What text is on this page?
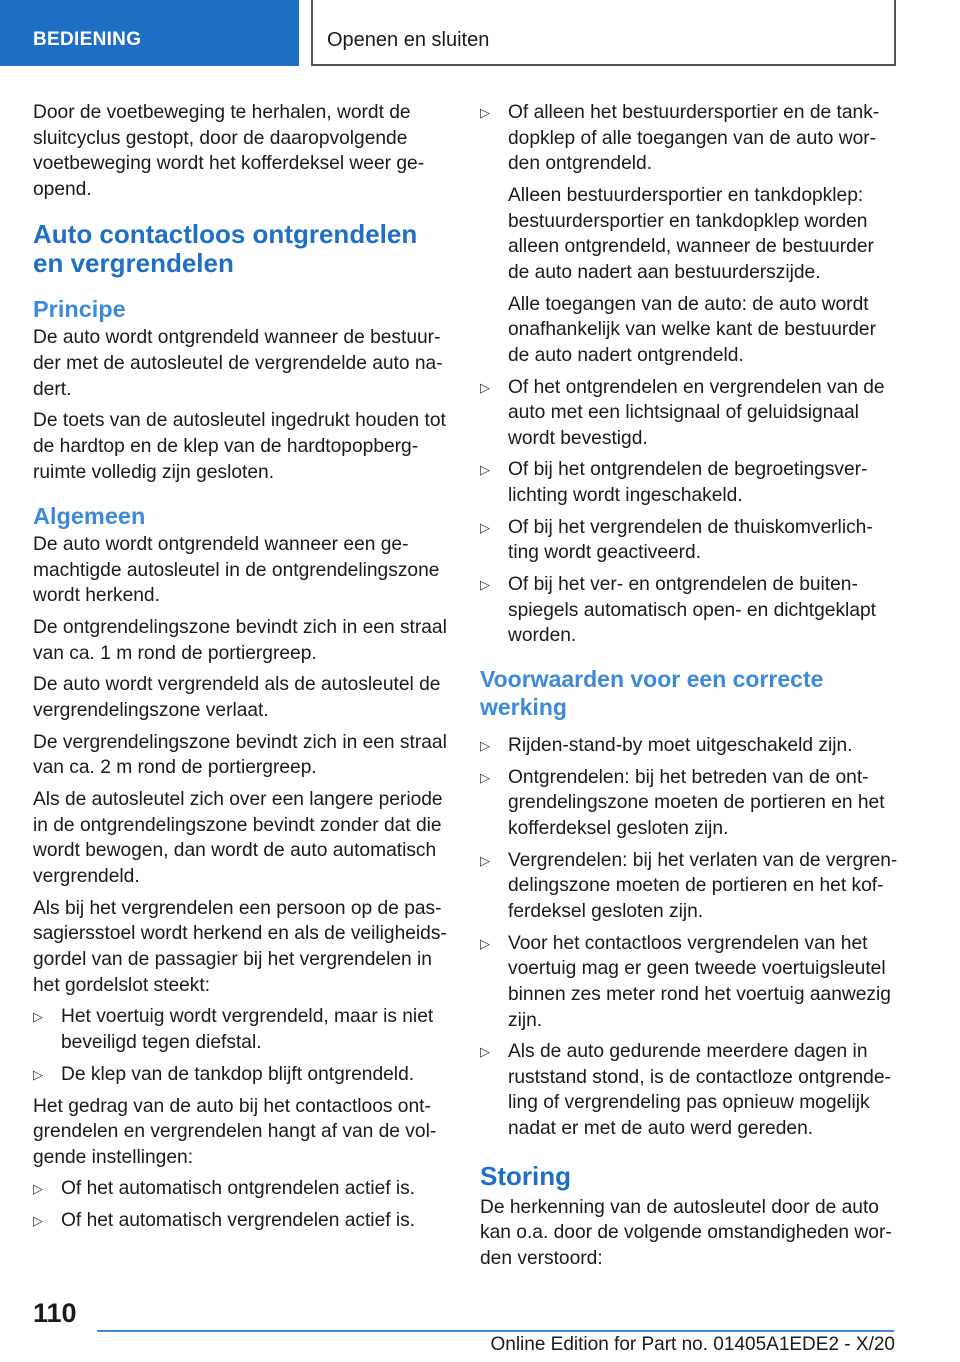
BEDIENING	Openen en sluiten

Door de voetbeweging te herhalen, wordt de sluitcyclus gestopt, door de daaropvolgende voetbeweging wordt het kofferdeksel weer ge-opend.

Auto contactloos ontgrendelen en vergrendelen
Principe

De auto wordt ontgrendeld wanneer de bestuur-der met de autosleutel de vergrendelde auto na-dert.

De toets van de autosleutel ingedrukt houden tot de hardtop en de klep van de hardtopopberg-ruimte volledig zijn gesloten.

Algemeen

De auto wordt ontgrendeld wanneer een ge-machtigde autosleutel in de ontgrendelingszone wordt herkend.

De ontgrendelingszone bevindt zich in een straal van ca. 1 m rond de portiergreep.

De auto wordt vergrendeld als de autosleutel de vergrendelingszone verlaat.

De vergrendelingszone bevindt zich in een straal van ca. 2 m rond de portiergreep.

Als de autosleutel zich over een langere periode in de ontgrendelingszone bevindt zonder dat die wordt bewogen, dan wordt de auto automatisch vergrendeld.

Als bij het vergrendelen een persoon op de pas-sagiersstoel wordt herkend en als de veiligheids-gordel van de passagier bij het vergrendelen in het gordelslot steekt:

▷ Het voertuig wordt vergrendeld, maar is niet beveiligd tegen diefstal.
▷ De klep van de tankdop blijft ontgrendeld.

Het gedrag van de auto bij het contactloos ont-grendelen en vergrendelen hangt af van de vol-gende instellingen:

▷ Of het automatisch ontgrendelen actief is.
▷ Of het automatisch vergrendelen actief is.
▷ Of alleen het bestuurdersportier en de tank-dopklep of alle toegangen van de auto wor-den ontgrendeld.

Alleen bestuurdersportier en tankdopklep: bestuurdersportier en tankdopklep worden alleen ontgrendeld, wanneer de bestuurder de auto nadert aan bestuurderszijde.

Alle toegangen van de auto: de auto wordt onafhankelijk van welke kant de bestuurder de auto nadert ontgrendeld.

▷ Of het ontgrendelen en vergrendelen van de auto met een lichtsignaal of geluidsignaal wordt bevestigd.
▷ Of bij het ontgrendelen de begroetingsver-lichting wordt ingeschakeld.
▷ Of bij het vergrendelen de thuiskomverlich-ting wordt geactiveerd.
▷ Of bij het ver- en ontgrendelen de buiten-spiegels automatisch open- en dichtgeklapt worden.
Voorwaarden voor een correcte werking
▷ Rijden-stand-by moet uitgeschakeld zijn.
▷ Ontgrendelen: bij het betreden van de ont-grendelingszone moeten de portieren en het kofferdeksel gesloten zijn.
▷ Vergrendelen: bij het verlaten van de vergren-delingszone moeten de portieren en het kof-ferdeksel gesloten zijn.
▷ Voor het contactloos vergrendelen van het voertuig mag er geen tweede voertuigsleutel binnen zes meter rond het voertuig aanwezig zijn.
▷ Als de auto gedurende meerdere dagen in ruststand stond, is de contactloze ontgrende-ling of vergrendeling pas opnieuw mogelijk nadat er met de auto werd gereden.
Storing

De herkenning van de autosleutel door de auto kan o.a. door de volgende omstandigheden wor-den verstoord:

110
Online Edition for Part no. 01405A1EDE2 - X/20
